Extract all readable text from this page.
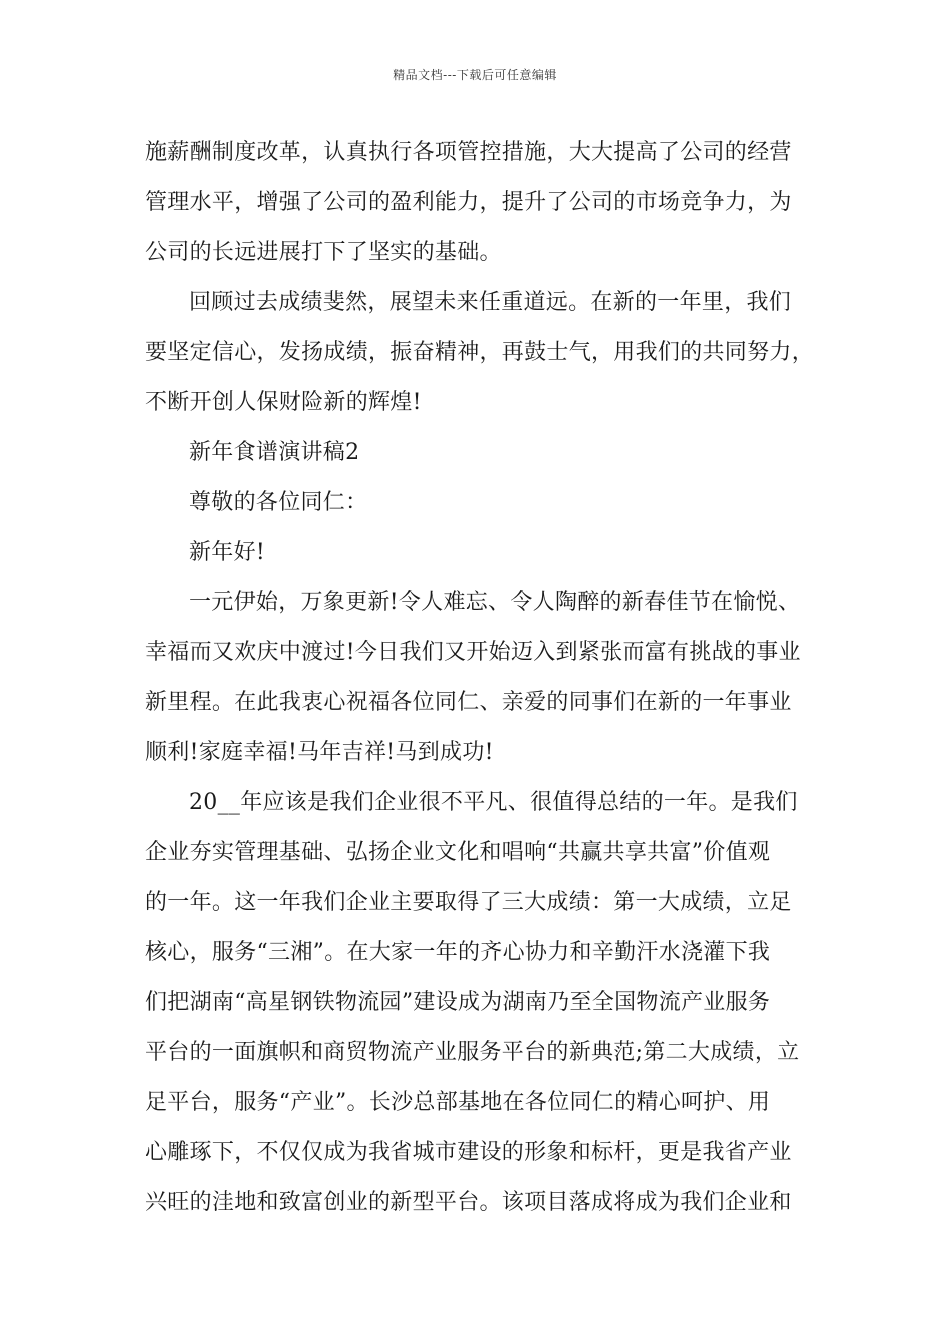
精品文档---下载后可任意编辑
施薪酬制度改革，认真执行各项管控措施，大大提高了公司的经营
管理水平，增强了公司的盈利能力，提升了公司的市场竞争力，为
公司的长远进展打下了坚实的基础。
回顾过去成绩斐然，展望未来任重道远。在新的一年里，我们
要坚定信心，发扬成绩，振奋精神，再鼓士气，用我们的共同努力，
不断开创人保财险新的辉煌!
新年食谱演讲稿2
尊敬的各位同仁：
新年好!
一元伊始，万象更新!令人难忘、令人陶醉的新春佳节在愉悦、
幸福而又欢庆中渡过!今日我们又开始迈入到紧张而富有挑战的事业
新里程。在此我衷心祝福各位同仁、亲爱的同事们在新的一年事业
顺利!家庭幸福!马年吉祥!马到成功!
20__年应该是我们企业很不平凡、很值得总结的一年。是我们
企业夯实管理基础、弘扬企业文化和唱响“共赢共享共富”价值观
的一年。这一年我们企业主要取得了三大成绩：第一大成绩，立足
核心，服务“三湘”。在大家一年的齐心协力和辛勤汗水浇灌下我
们把湖南“高星钢铁物流园”建设成为湖南乃至全国物流产业服务
平台的一面旗帜和商贸物流产业服务平台的新典范;第二大成绩，立
足平台，服务“产业”。长沙总部基地在各位同仁的精心呵护、用
心雕琢下，不仅仅成为我省城市建设的形象和标杆，更是我省产业
兴旺的洼地和致富创业的新型平台。该项目落成将成为我们企业和
